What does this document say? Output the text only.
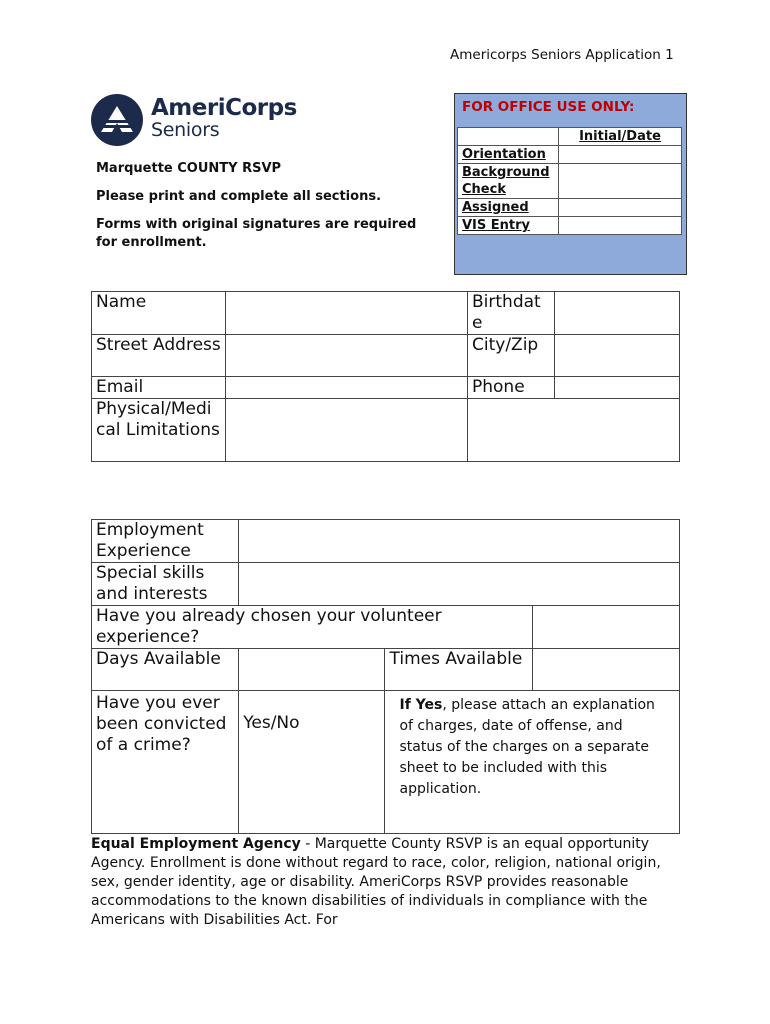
Americorps Seniors Application 1
AmeriCorps
Seniors
Marquette COUNTY RSVP
Please print and complete all sections.
Forms with original signatures are required for enrollment.
FOR OFFICE USE ONLY:
	Initial/Date
Orientation	
Background Check	
Assigned	
VIS Entry	
Name		Birthdat e	
Street Address		City/Zip	
Email		Phone	
Physical/Medi cal Limitations			
Employment Experience			
Special skills and interests			
Have you already chosen your volunteer experience?			
Days Available		Times Available	
Have you ever been convicted of a crime?	Yes/No	If Yes, please attach an explanation of charges, date of offense, and status of the charges on a separate sheet to be included with this application.	
Equal Employment Agency - Marquette County RSVP is an equal opportunity Agency. Enrollment is done without regard to race, color, religion, national origin, sex, gender identity, age or disability. AmeriCorps RSVP provides reasonable accommodations to the known disabilities of individuals in compliance with the Americans with Disabilities Act. For
